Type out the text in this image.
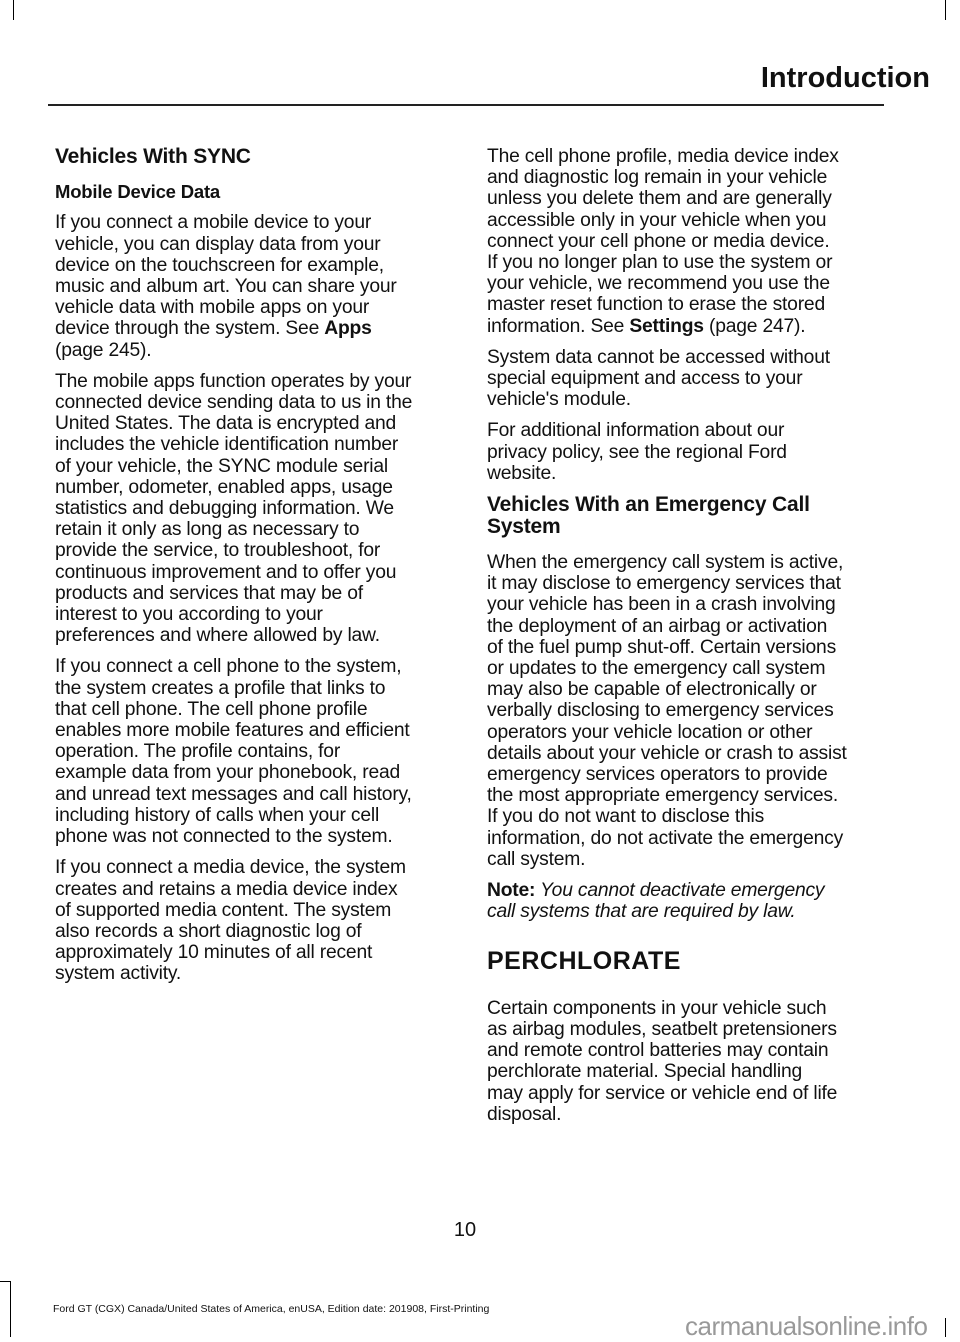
Introduction
Vehicles With SYNC
Mobile Device Data
If you connect a mobile device to your
vehicle, you can display data from your
device on the touchscreen for example,
music and album art. You can share your
vehicle data with mobile apps on your
device through the system. See Apps
(page 245).
The mobile apps function operates by your
connected device sending data to us in the
United States. The data is encrypted and
includes the vehicle identification number
of your vehicle, the SYNC module serial
number, odometer, enabled apps, usage
statistics and debugging information. We
retain it only as long as necessary to
provide the service, to troubleshoot, for
continuous improvement and to offer you
products and services that may be of
interest to you according to your
preferences and where allowed by law.
If you connect a cell phone to the system,
the system creates a profile that links to
that cell phone. The cell phone profile
enables more mobile features and efficient
operation. The profile contains, for
example data from your phonebook, read
and unread text messages and call history,
including history of calls when your cell
phone was not connected to the system.
If you connect a media device, the system
creates and retains a media device index
of supported media content. The system
also records a short diagnostic log of
approximately 10 minutes of all recent
system activity.
The cell phone profile, media device index
and diagnostic log remain in your vehicle
unless you delete them and are generally
accessible only in your vehicle when you
connect your cell phone or media device.
If you no longer plan to use the system or
your vehicle, we recommend you use the
master reset function to erase the stored
information. See Settings (page 247).
System data cannot be accessed without
special equipment and access to your
vehicle's module.
For additional information about our
privacy policy, see the regional Ford
website.
Vehicles With an Emergency Call
System
When the emergency call system is active,
it may disclose to emergency services that
your vehicle has been in a crash involving
the deployment of an airbag or activation
of the fuel pump shut-off. Certain versions
or updates to the emergency call system
may also be capable of electronically or
verbally disclosing to emergency services
operators your vehicle location or other
details about your vehicle or crash to assist
emergency services operators to provide
the most appropriate emergency services.
If you do not want to disclose this
information, do not activate the emergency
call system.
Note: You cannot deactivate emergency
call systems that are required by law.
PERCHLORATE
Certain components in your vehicle such
as airbag modules, seatbelt pretensioners
and remote control batteries may contain
perchlorate material. Special handling
may apply for service or vehicle end of life
disposal.
10
Ford GT (CGX) Canada/United States of America, enUSA, Edition date: 201908, First-Printing
carmanualsonline.info
